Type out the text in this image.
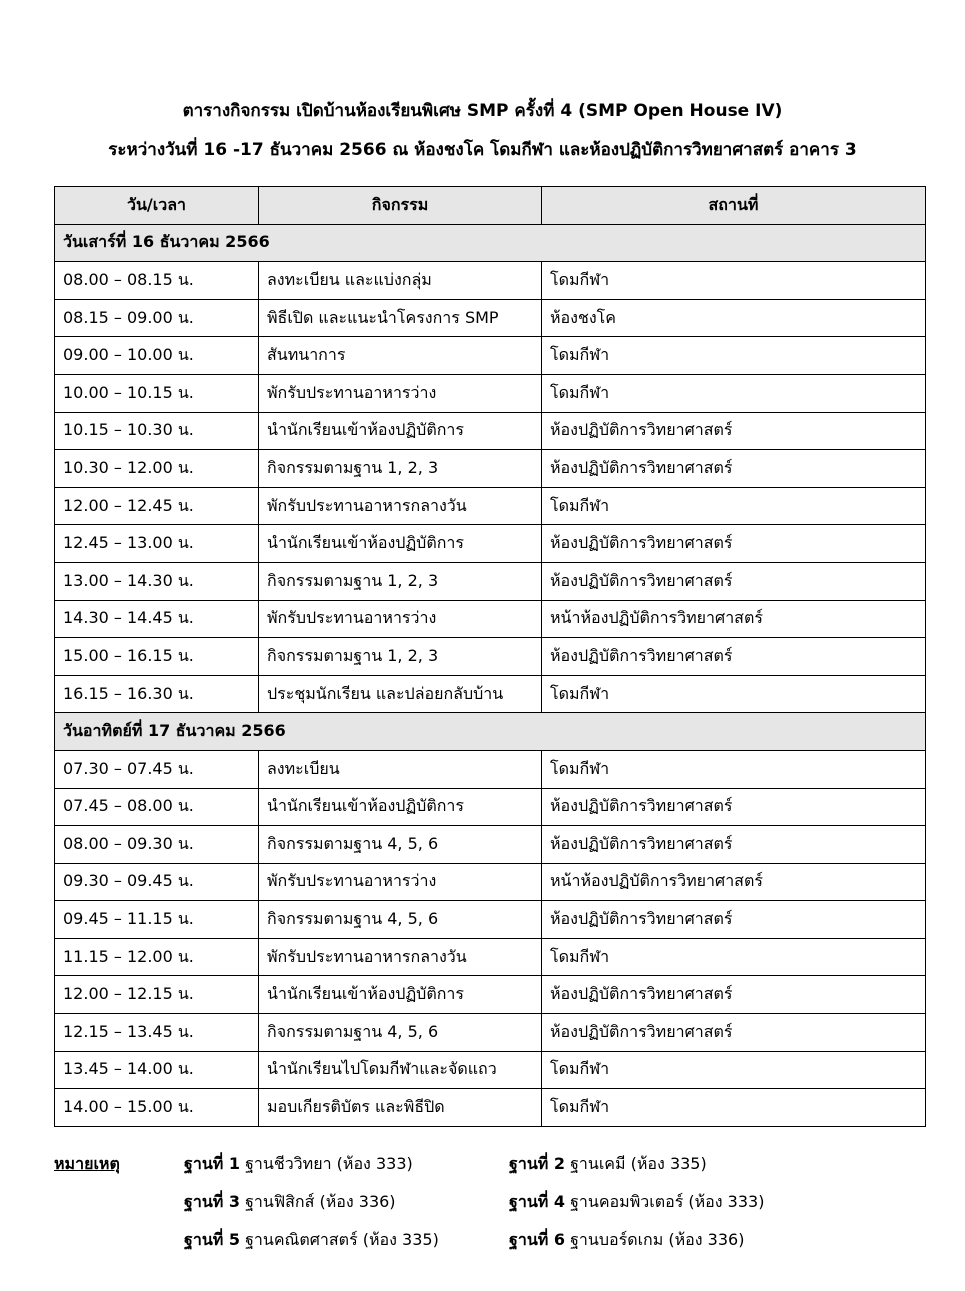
ตารางกิจกรรม เปิดบ้านห้องเรียนพิเศษ SMP ครั้งที่ 4 (SMP Open House IV)
ระหว่างวันที่ 16 -17 ธันวาคม 2566 ณ ห้องชงโค โดมกีฬา และห้องปฏิบัติการวิทยาศาสตร์ อาคาร 3
วัน/เวลา	กิจกรรม	สถานที่
วันเสาร์ที่ 16 ธันวาคม 2566		
08.00 – 08.15 น.	ลงทะเบียน และแบ่งกลุ่ม	โดมกีฬา
08.15 – 09.00 น.	พิธีเปิด และแนะนำโครงการ SMP	ห้องชงโค
09.00 – 10.00 น.	สันทนาการ	โดมกีฬา
10.00 – 10.15 น.	พักรับประทานอาหารว่าง	โดมกีฬา
10.15 – 10.30 น.	นำนักเรียนเข้าห้องปฏิบัติการ	ห้องปฏิบัติการวิทยาศาสตร์
10.30 – 12.00 น.	กิจกรรมตามฐาน 1, 2, 3	ห้องปฏิบัติการวิทยาศาสตร์
12.00 – 12.45 น.	พักรับประทานอาหารกลางวัน	โดมกีฬา
12.45 – 13.00 น.	นำนักเรียนเข้าห้องปฏิบัติการ	ห้องปฏิบัติการวิทยาศาสตร์
13.00 – 14.30 น.	กิจกรรมตามฐาน 1, 2, 3	ห้องปฏิบัติการวิทยาศาสตร์
14.30 – 14.45 น.	พักรับประทานอาหารว่าง	หน้าห้องปฏิบัติการวิทยาศาสตร์
15.00 – 16.15 น.	กิจกรรมตามฐาน 1, 2, 3	ห้องปฏิบัติการวิทยาศาสตร์
16.15 – 16.30 น.	ประชุมนักเรียน และปล่อยกลับบ้าน	โดมกีฬา
วันอาทิตย์ที่ 17 ธันวาคม 2566		
07.30 – 07.45 น.	ลงทะเบียน	โดมกีฬา
07.45 – 08.00 น.	นำนักเรียนเข้าห้องปฏิบัติการ	ห้องปฏิบัติการวิทยาศาสตร์
08.00 – 09.30 น.	กิจกรรมตามฐาน 4, 5, 6	ห้องปฏิบัติการวิทยาศาสตร์
09.30 – 09.45 น.	พักรับประทานอาหารว่าง	หน้าห้องปฏิบัติการวิทยาศาสตร์
09.45 – 11.15 น.	กิจกรรมตามฐาน 4, 5, 6	ห้องปฏิบัติการวิทยาศาสตร์
11.15 – 12.00 น.	พักรับประทานอาหารกลางวัน	โดมกีฬา
12.00 – 12.15 น.	นำนักเรียนเข้าห้องปฏิบัติการ	ห้องปฏิบัติการวิทยาศาสตร์
12.15 – 13.45 น.	กิจกรรมตามฐาน 4, 5, 6	ห้องปฏิบัติการวิทยาศาสตร์
13.45 – 14.00 น.	นำนักเรียนไปโดมกีฬาและจัดแถว	โดมกีฬา
14.00 – 15.00 น.	มอบเกียรติบัตร และพิธีปิด	โดมกีฬา
หมายเหตุ	ฐานที่ 1 ฐานชีววิทยา (ห้อง 333)	ฐานที่ 2 ฐานเคมี (ห้อง 335)
ฐานที่ 3 ฐานฟิสิกส์ (ห้อง 336)	ฐานที่ 4 ฐานคอมพิวเตอร์ (ห้อง 333)
ฐานที่ 5 ฐานคณิตศาสตร์ (ห้อง 335)	ฐานที่ 6 ฐานบอร์ดเกม (ห้อง 336)
